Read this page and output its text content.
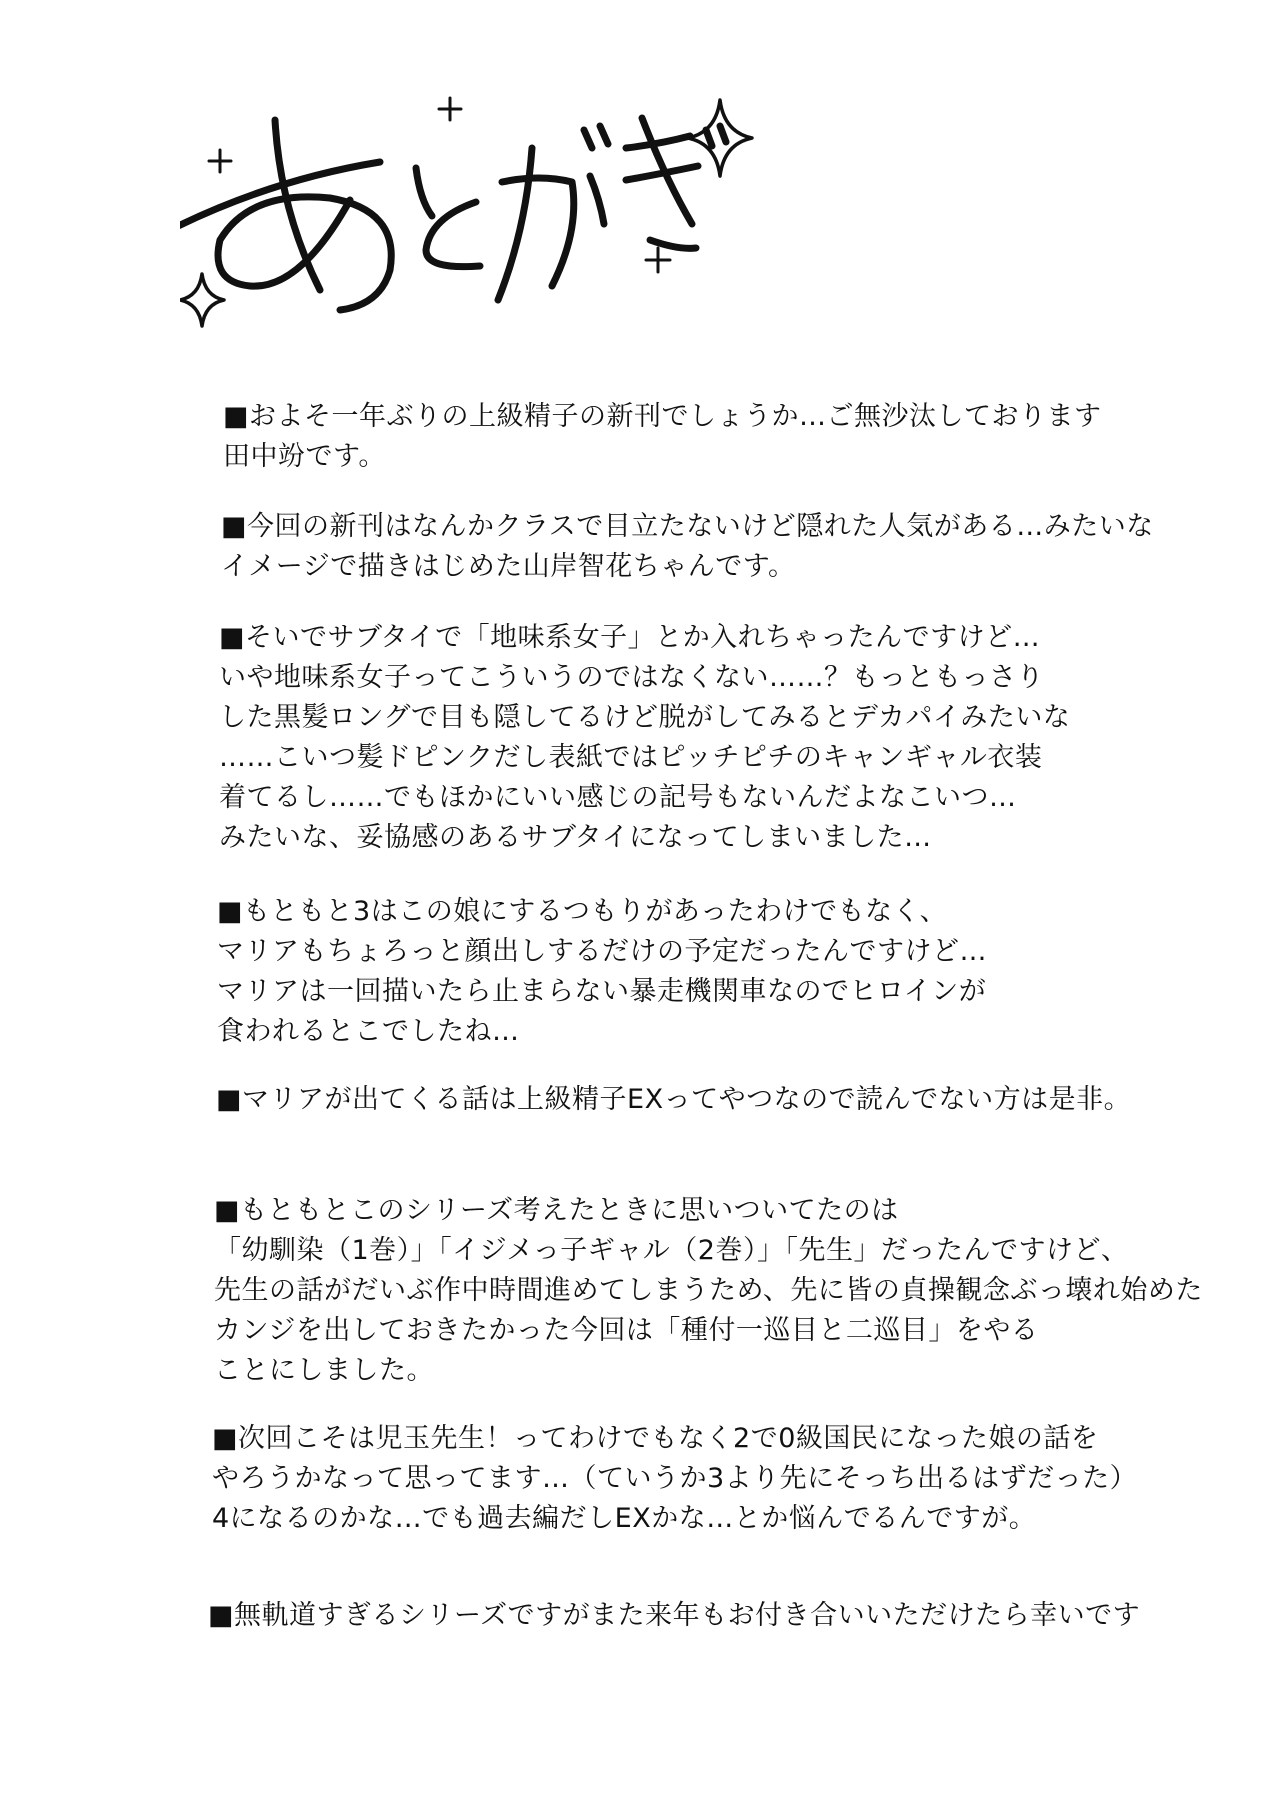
■およそ一年ぶりの上級精子の新刊でしょうか…ご無沙汰しております
田中竕です。
■今回の新刊はなんかクラスで目立たないけど隠れた人気がある…みたいな
イメージで描きはじめた山岸智花ちゃんです。
■そいでサブタイで「地味系女子」とか入れちゃったんですけど…
いや地味系女子ってこういうのではなくない……？もっともっさり
した黒髪ロングで目も隠してるけど脱がしてみるとデカパイみたいな
……こいつ髪ドピンクだし表紙ではピッチピチのキャンギャル衣装
着てるし……でもほかにいい感じの記号もないんだよなこいつ…
みたいな、妥協感のあるサブタイになってしまいました…
■もともと3はこの娘にするつもりがあったわけでもなく、
マリアもちょろっと顔出しするだけの予定だったんですけど…
マリアは一回描いたら止まらない暴走機関車なのでヒロインが
食われるとこでしたね…
■マリアが出てくる話は上級精子EXってやつなので読んでない方は是非。
■もともとこのシリーズ考えたときに思いついてたのは
「幼馴染（1巻）」「イジメっ子ギャル（2巻）」「先生」だったんですけど、
先生の話がだいぶ作中時間進めてしまうため、先に皆の貞操観念ぶっ壊れ始めた
カンジを出しておきたかった今回は「種付一巡目と二巡目」をやる
ことにしました。
■次回こそは児玉先生！ってわけでもなく2で0級国民になった娘の話を
やろうかなって思ってます…（ていうか3より先にそっち出るはずだった）
4になるのかな…でも過去編だしEXかな…とか悩んでるんですが。
■無軌道すぎるシリーズですがまた来年もお付き合いいただけたら幸いです
